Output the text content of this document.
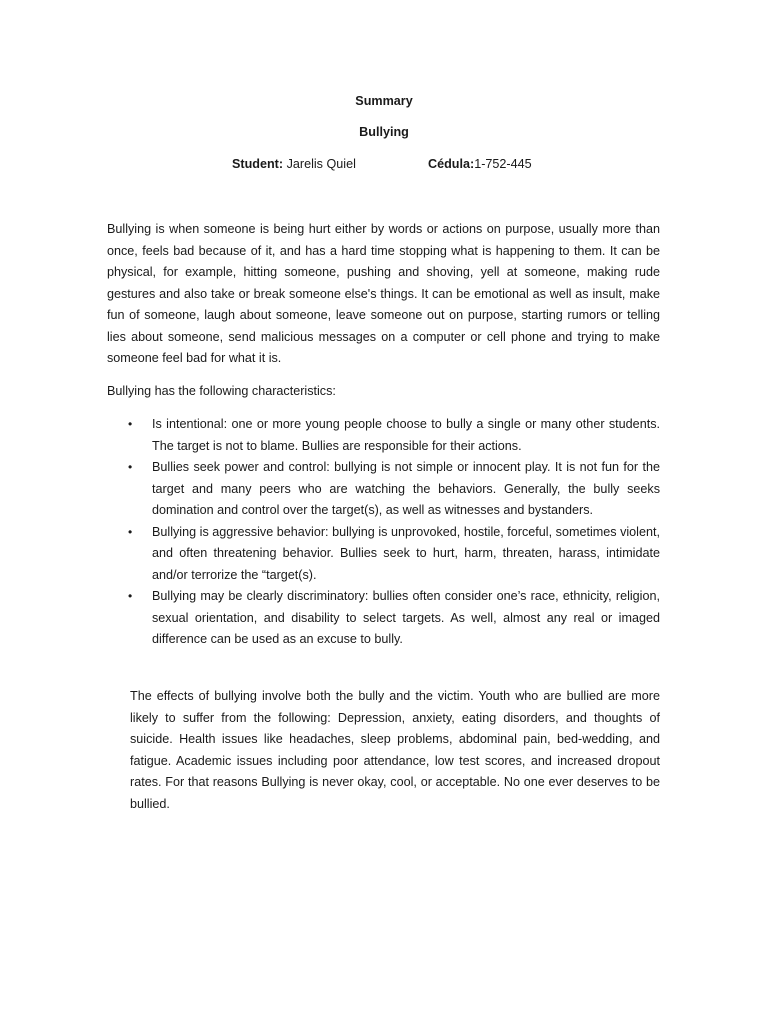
Summary
Bullying
Student: Jarelis Quiel	Cédula:1-752-445

Bullying is when someone is being hurt either by words or actions on purpose, usually more than once, feels bad because of it, and has a hard time stopping what is happening to them. It can be physical, for example, hitting someone, pushing and shoving, yell at someone, making rude gestures and also take or break someone else's things. It can be emotional as well as insult, make fun of someone, laugh about someone, leave someone out on purpose, starting rumors or telling lies about someone, send malicious messages on a computer or cell phone and trying to make someone feel bad for what it is.

Bullying has the following characteristics:

• Is intentional: one or more young people choose to bully a single or many other students. The target is not to blame. Bullies are responsible for their actions.
• Bullies seek power and control: bullying is not simple or innocent play. It is not fun for the target and many peers who are watching the behaviors. Generally, the bully seeks domination and control over the target(s), as well as witnesses and bystanders.
• Bullying is aggressive behavior: bullying is unprovoked, hostile, forceful, sometimes violent, and often threatening behavior. Bullies seek to hurt, harm, threaten, harass, intimidate and/or terrorize the “target(s).
• Bullying may be clearly discriminatory: bullies often consider one’s race, ethnicity, religion, sexual orientation, and disability to select targets. As well, almost any real or imaged difference can be used as an excuse to bully.

The effects of bullying involve both the bully and the victim. Youth who are bullied are more likely to suffer from the following: Depression, anxiety, eating disorders, and thoughts of suicide. Health issues like headaches, sleep problems, abdominal pain, bed-wedding, and fatigue. Academic issues including poor attendance, low test scores, and increased dropout rates. For that reasons Bullying is never okay, cool, or acceptable. No one ever deserves to be bullied.
